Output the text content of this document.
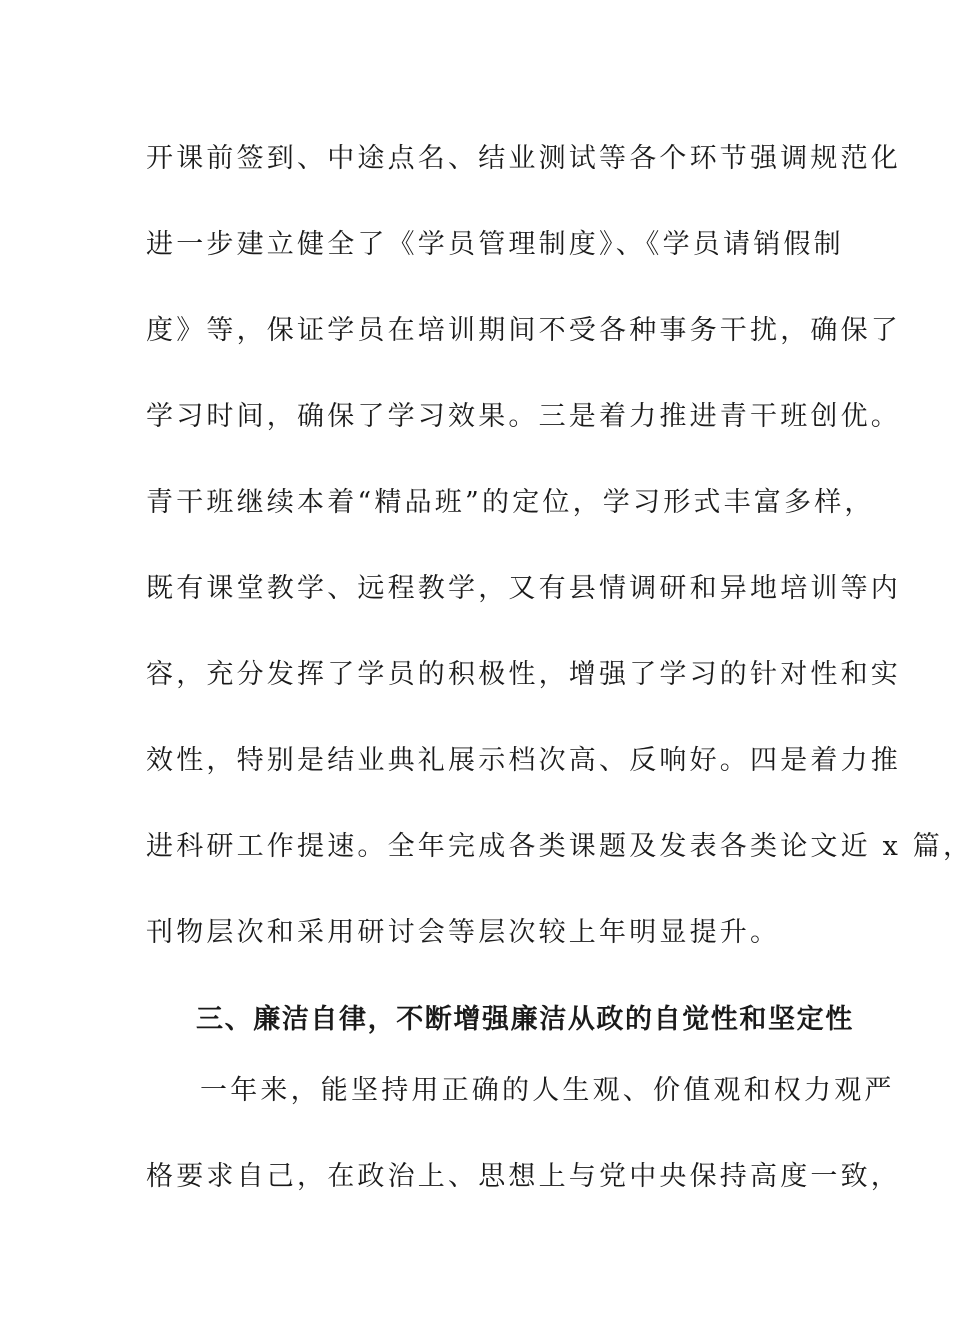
开课前签到、中途点名、结业测试等各个环节强调规范化
进一步建立健全了《学员管理制度》、《学员请销假制
度》等，保证学员在培训期间不受各种事务干扰，确保了
学习时间，确保了学习效果。三是着力推进青干班创优。
青干班继续本着“精品班”的定位，学习形式丰富多样，
既有课堂教学、远程教学，又有县情调研和异地培训等内
容，充分发挥了学员的积极性，增强了学习的针对性和实
效性，特别是结业典礼展示档次高、反响好。四是着力推
进科研工作提速。全年完成各类课题及发表各类论文近 x 篇，
刊物层次和采用研讨会等层次较上年明显提升。
三、廉洁自律，不断增强廉洁从政的自觉性和坚定性
一年来，能坚持用正确的人生观、价值观和权力观严
格要求自己，在政治上、思想上与党中央保持高度一致，
